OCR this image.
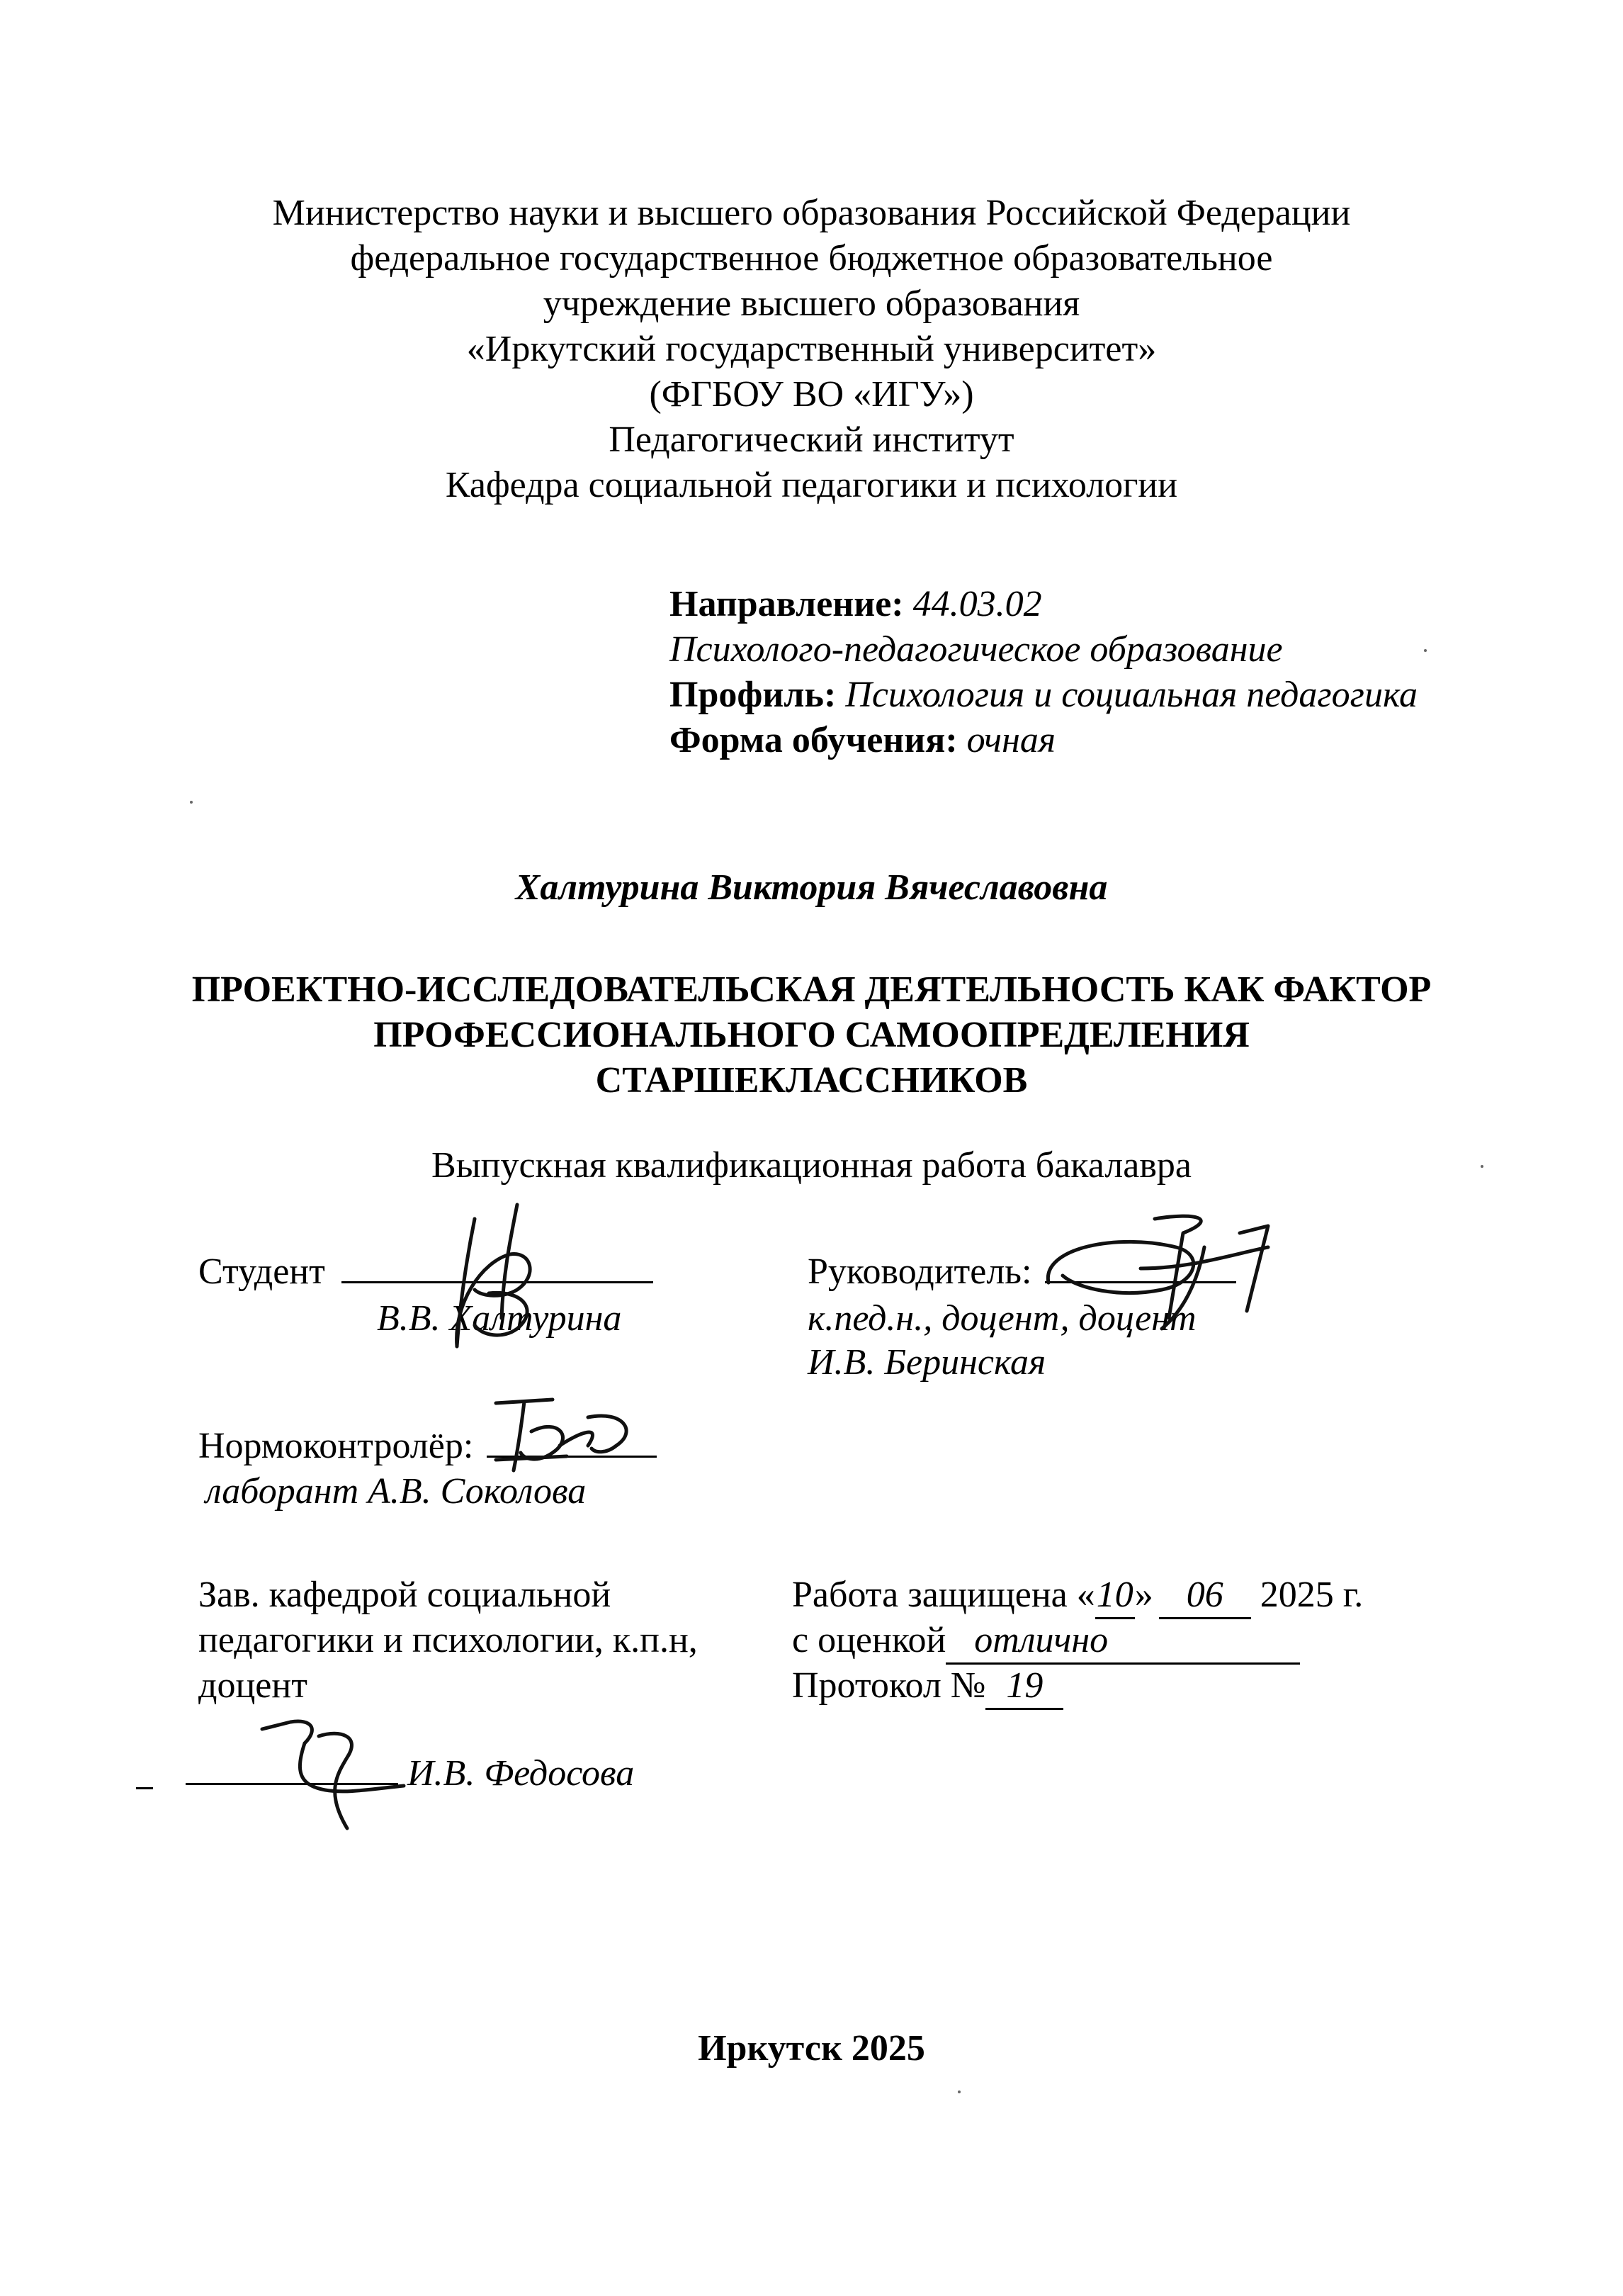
Министерство науки и высшего образования Российской Федерации
федеральное государственное бюджетное образовательное
учреждение высшего образования
«Иркутский государственный университет»
(ФГБОУ ВО «ИГУ»)
Педагогический институт
Кафедра социальной педагогики и психологии
Направление: 44.03.02
Психолого-педагогическое образование
Профиль: Психология и социальная педагогика
Форма обучения: очная
Халтурина Виктория Вячеславовна
ПРОЕКТНО-ИССЛЕДОВАТЕЛЬСКАЯ ДЕЯТЕЛЬНОСТЬ КАК ФАКТОР
ПРОФЕССИОНАЛЬНОГО САМООПРЕДЕЛЕНИЯ
СТАРШЕКЛАССНИКОВ
Выпускная квалификационная работа бакалавра
Студент
В.В. Халтурина
Руководитель:
к.пед.н., доцент, доцент
И.В. Беринская
Нормоконтролёр:
лаборант А.В. Соколова
Зав. кафедрой социальной
педагогики и психологии, к.п.н,
доцент
И.В. Федосова
Работа защищена «10» 06 2025 г.
с оценкой отлично
Протокол № 19
Иркутск 2025
